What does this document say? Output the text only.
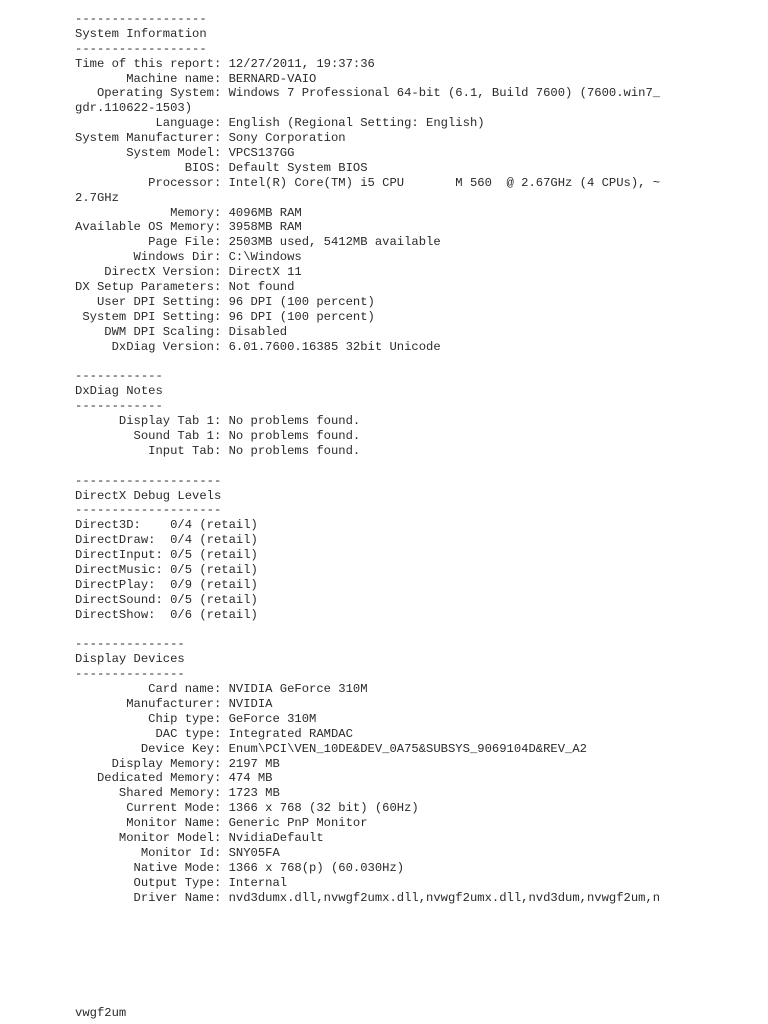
------------------
System Information
------------------
Time of this report: 12/27/2011, 19:37:36
Machine name: BERNARD-VAIO
Operating System: Windows 7 Professional 64-bit (6.1, Build 7600) (7600.win7_
gdr.110622-1503)
Language: English (Regional Setting: English)
System Manufacturer: Sony Corporation
System Model: VPCS137GG
BIOS: Default System BIOS
Processor: Intel(R) Core(TM) i5 CPU       M 560  @ 2.67GHz (4 CPUs), ~
2.7GHz
Memory: 4096MB RAM
Available OS Memory: 3958MB RAM
Page File: 2503MB used, 5412MB available
Windows Dir: C:\Windows
DirectX Version: DirectX 11
DX Setup Parameters: Not found
User DPI Setting: 96 DPI (100 percent)
System DPI Setting: 96 DPI (100 percent)
DWM DPI Scaling: Disabled
DxDiag Version: 6.01.7600.16385 32bit Unicode
------------
DxDiag Notes
------------
Display Tab 1: No problems found.
Sound Tab 1: No problems found.
Input Tab: No problems found.
--------------------
DirectX Debug Levels
--------------------
Direct3D:    0/4 (retail)
DirectDraw:  0/4 (retail)
DirectInput: 0/5 (retail)
DirectMusic: 0/5 (retail)
DirectPlay:  0/9 (retail)
DirectSound: 0/5 (retail)
DirectShow:  0/6 (retail)
---------------
Display Devices
---------------
Card name: NVIDIA GeForce 310M
Manufacturer: NVIDIA
Chip type: GeForce 310M
DAC type: Integrated RAMDAC
Device Key: Enum\PCI\VEN_10DE&DEV_0A75&SUBSYS_9069104D&REV_A2
Display Memory: 2197 MB
Dedicated Memory: 474 MB
Shared Memory: 1723 MB
Current Mode: 1366 x 768 (32 bit) (60Hz)
Monitor Name: Generic PnP Monitor
Monitor Model: NvidiaDefault
Monitor Id: SNY05FA
Native Mode: 1366 x 768(p) (60.030Hz)
Output Type: Internal
Driver Name: nvd3dumx.dll,nvwgf2umx.dll,nvwgf2umx.dll,nvd3dum,nvwgf2um,n
vwgf2um
